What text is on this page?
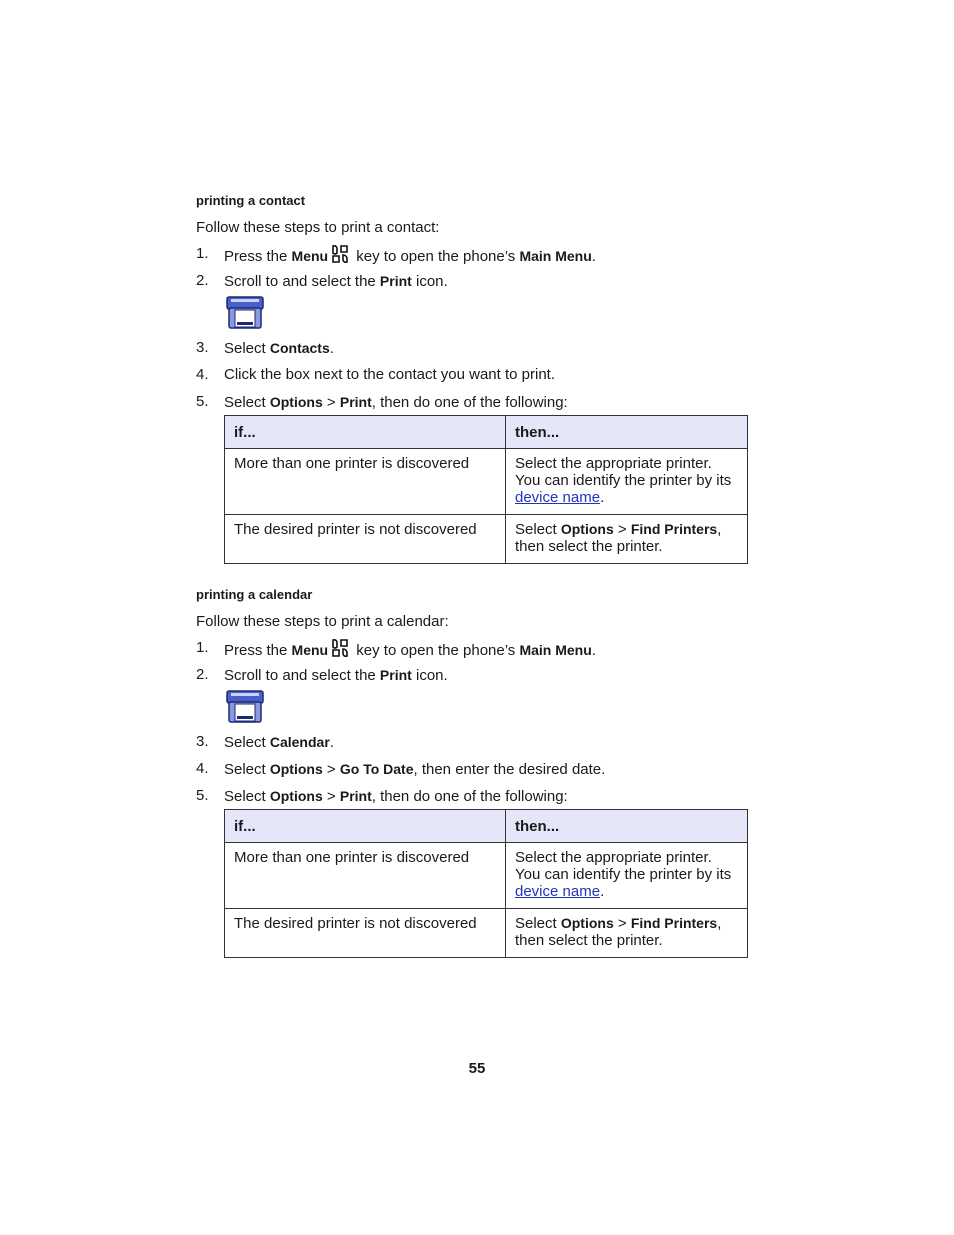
printing a contact
Follow these steps to print a contact:
1.	Press the Menu key to open the phone’s Main Menu.
2.	Scroll to and select the Print icon.
3.	Select Contacts.
4.	Click the box next to the contact you want to print.
5.	Select Options > Print, then do one of the following:
if...	then...
More than one printer is discovered	Select the appropriate printer.
You can identify the printer by its
device name.
The desired printer is not discovered	Select Options > Find Printers,
then select the printer.
printing a calendar
Follow these steps to print a calendar:
1.	Press the Menu key to open the phone’s Main Menu.
2.	Scroll to and select the Print icon.
3.	Select Calendar.
4.	Select Options > Go To Date, then enter the desired date.
5.	Select Options > Print, then do one of the following:
if...	then...
More than one printer is discovered	Select the appropriate printer.
You can identify the printer by its
device name.
The desired printer is not discovered	Select Options > Find Printers,
then select the printer.
55
